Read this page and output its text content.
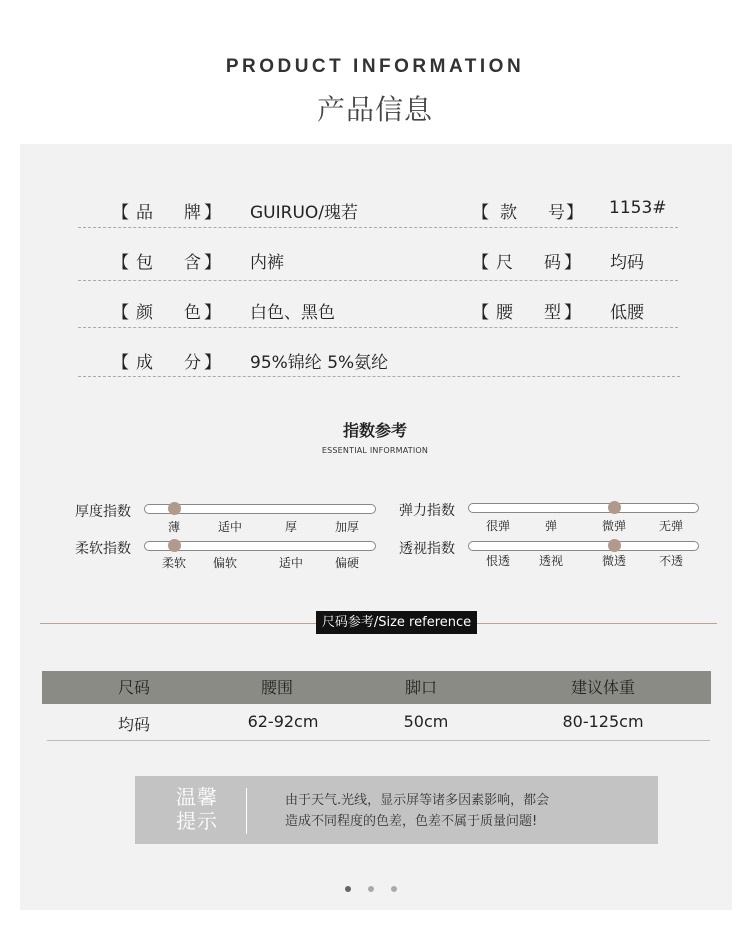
PRODUCT INFORMATION
产品信息
【 品 牌 】 GUIRUO/瑰若	【 款 号 】 1153#
【 包 含 】 内裤	【 尺 码 】 均码
【 颜 色 】 白色、黑色	【 腰 型 】 低腰
【 成 分 】 95%锦纶 5%氨纶
指数参考
ESSENTIAL INFORMATION
厚度指数
薄	适中	厚	加厚
柔软指数
柔软 偏软	适中	偏硬
弹力指数
很弹	弹	微弹	无弹
透视指数
恨透 透视	微透	不透
尺码参考/Size reference
尺码	腰围	脚口	建议体重
均码	62-92cm	50cm	80-125cm
温馨
提示
由于天气.光线，显示屏等诸多因素影响，都会
造成不同程度的色差，色差不属于质量问题!
